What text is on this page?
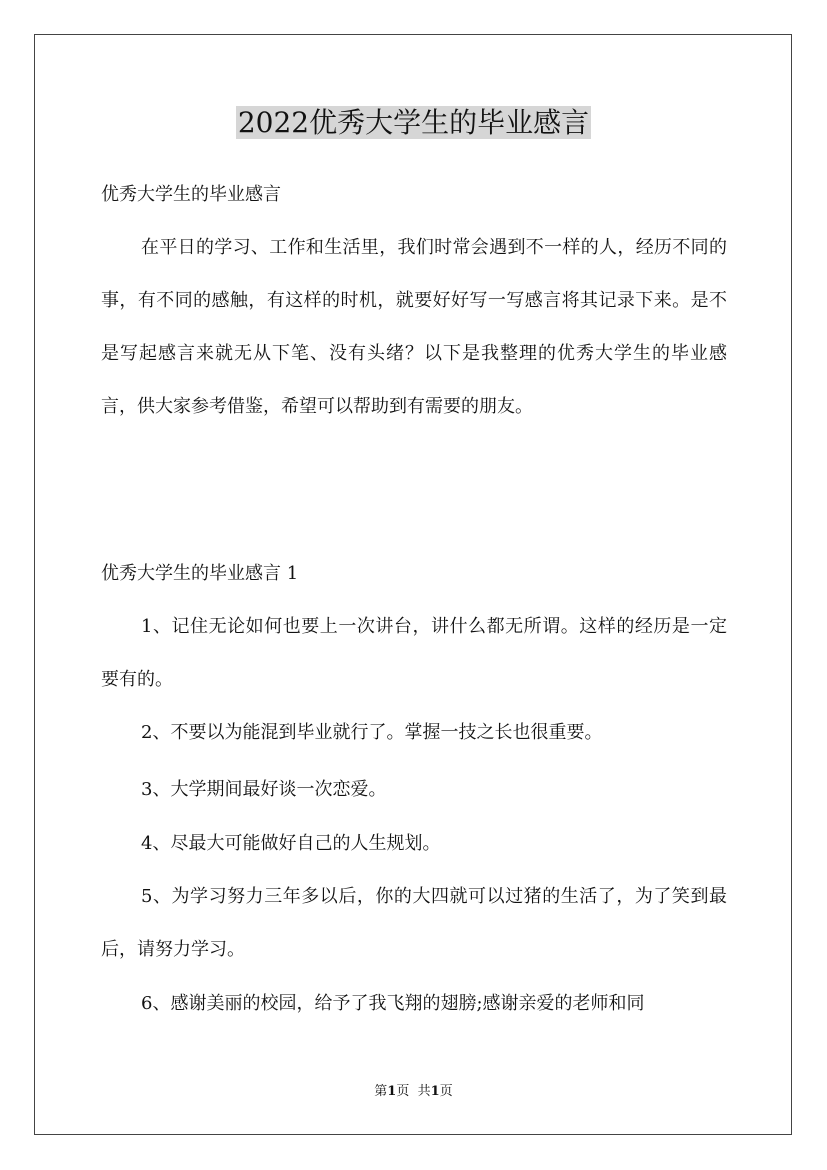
2022优秀大学生的毕业感言
优秀大学生的毕业感言
在平日的学习、工作和生活里，我们时常会遇到不一样的人，经历不同的事，有不同的感触，有这样的时机，就要好好写一写感言将其记录下来。是不是写起感言来就无从下笔、没有头绪？以下是我整理的优秀大学生的毕业感言，供大家参考借鉴，希望可以帮助到有需要的朋友。
优秀大学生的毕业感言 1
1、记住无论如何也要上一次讲台，讲什么都无所谓。这样的经历是一定要有的。
2、不要以为能混到毕业就行了。掌握一技之长也很重要。
3、大学期间最好谈一次恋爱。
4、尽最大可能做好自己的人生规划。
5、为学习努力三年多以后，你的大四就可以过猪的生活了，为了笑到最后，请努力学习。
6、感谢美丽的校园，给予了我飞翔的翅膀;感谢亲爱的老师和同
第1页 共1页
